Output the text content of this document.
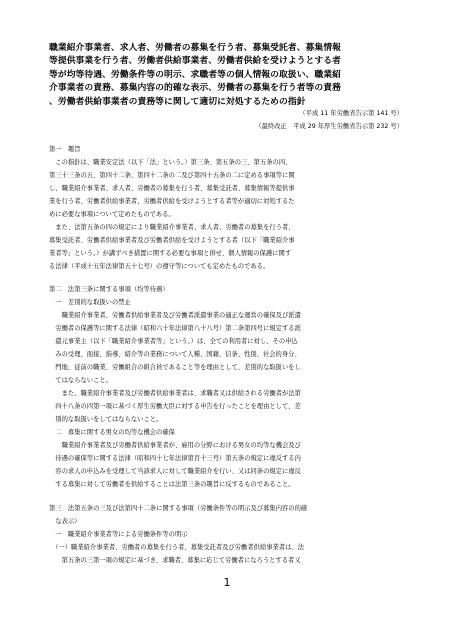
職業紹介事業者、求人者、労働者の募集を行う者、募集受託者、募集情報
等提供事業を行う者、労働者供給事業者、労働者供給を受けようとする者
等が均等待遇、労働条件等の明示、求職者等の個人情報の取扱い、職業紹
介事業者の責務、募集内容の的確な表示、労働者の募集を行う者等の責務
、労働者供給事業者の責務等に関して適切に対処するための指針
（平成 11 年労働省告示第 141 号）
（最終改正　平成 29 年厚生労働省告示第 232 号）
第一　趣旨
　この指針は、職業安定法（以下「法」という。）第三条、第五条の三、第五条の四、
第三十三条の五、第四十二条、第四十二条の二及び第四十五条の二に定める事項等に関
し、職業紹介事業者、求人者、労働者の募集を行う者、募集受託者、募集情報等提供事
業を行う者、労働者供給事業者、労働者供給を受けようとする者等が適切に対処するた
めに必要な事項について定めたものである。
　また、法第五条の四の規定により職業紹介事業者、求人者、労働者の募集を行う者、
募集受託者、労働者供給事業者及び労働者供給を受けようとする者（以下「職業紹介事
業者等」という。）が講ずべき措置に関する必要な事項と併せ、個人情報の保護に関す
る法律（平成十五年法律第五十七号）の遵守等についても定めたものである。
第二　法第三条に関する事項（均等待遇）
　一　差別的な取扱いの禁止
　　職業紹介事業者、労働者供給事業者及び労働者派遣事業の適正な運営の確保及び派遣
　労働者の保護等に関する法律（昭和六十年法律第八十八号）第二条第四号に規定する派
　遣元事業主（以下「職業紹介事業者等」という。）は、全ての利用者に対し、その申込
　みの受理、面接、指導、紹介等の業務について人種、国籍、信条、性別、社会的身分、
　門地、従前の職業、労働組合の組合員であること等を理由として、差別的な取扱いをし
　てはならないこと。
　　また、職業紹介事業者及び労働者供給事業者は、求職者又は供給される労働者が法第
　四十八条の四第一項に基づく厚生労働大臣に対する申告を行ったことを理由として、差
　別的な取扱いをしてはならないこと。
　二　募集に関する男女の均等な機会の確保
　　職業紹介事業者及び労働者供給事業者が、雇用の分野における男女の均等な機会及び
　待遇の確保等に関する法律（昭和四十七年法律第百十三号）第五条の規定に違反する内
　容の求人の申込みを受理して当該求人に対して職業紹介を行い、又は同条の規定に違反
　する募集に対して労働者を供給することは法第三条の趣旨に反するものであること。
第三　法第五条の三及び法第四十二条に関する事項（労働条件等の明示及び募集内容の的確
　な表示）
　一　職業紹介事業者等による労働条件等の明示
　（一）職業紹介事業者、労働者の募集を行う者、募集受託者及び労働者供給事業者は、法
　　第五条の三第一項の規定に基づき、求職者、募集に応じて労働者になろうとする者又
1
